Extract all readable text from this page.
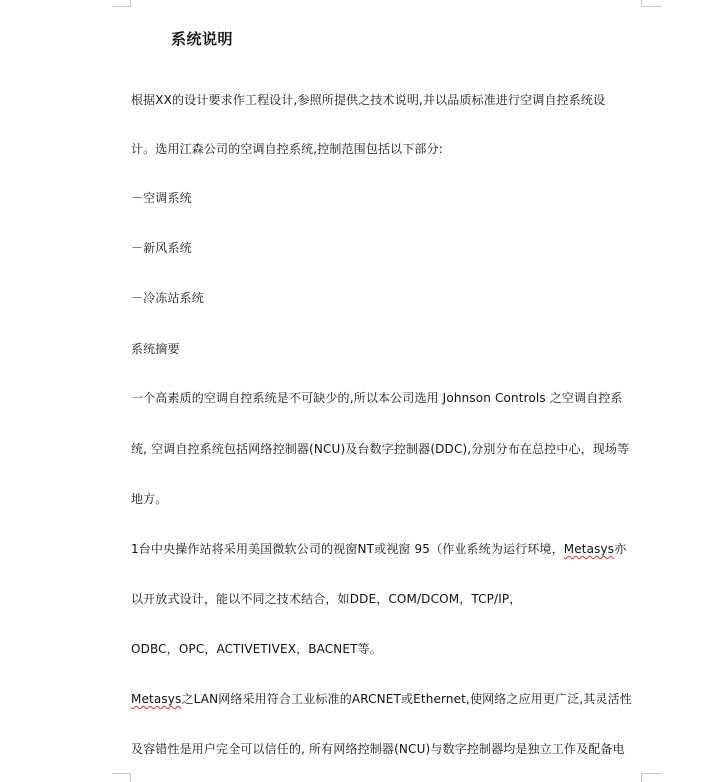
系统说明
根据XX的设计要求作工程设计,参照所提供之技术说明,并以品质标准进行空调自控系统设
计。选用江森公司的空调自控系统,控制范围包括以下部分:
－空调系统
－新风系统
－冷冻站系统
系统摘要
一个高素质的空调自控系统是不可缺少的,所以本公司选用 Johnson Controls 之空调自控系
统, 空调自控系统包括网络控制器(NCU)及台数字控制器(DDC),分别分布在总控中心，现场等
地方。
1台中央操作站将采用美国微软公司的视窗NT或视窗 95（作业系统为运行环境，Metasys亦
以开放式设计，能以不同之技术结合，如DDE，COM/DCOM，TCP/IP，
ODBC，OPC，ACTIVETIVEX，BACNET等。
Metasys之LAN网络采用符合工业标准的ARCNET或Ethernet,使网络之应用更广泛,其灵活性
及容错性是用户完全可以信任的, 所有网络控制器(NCU)与数字控制器均是独立工作及配备电
